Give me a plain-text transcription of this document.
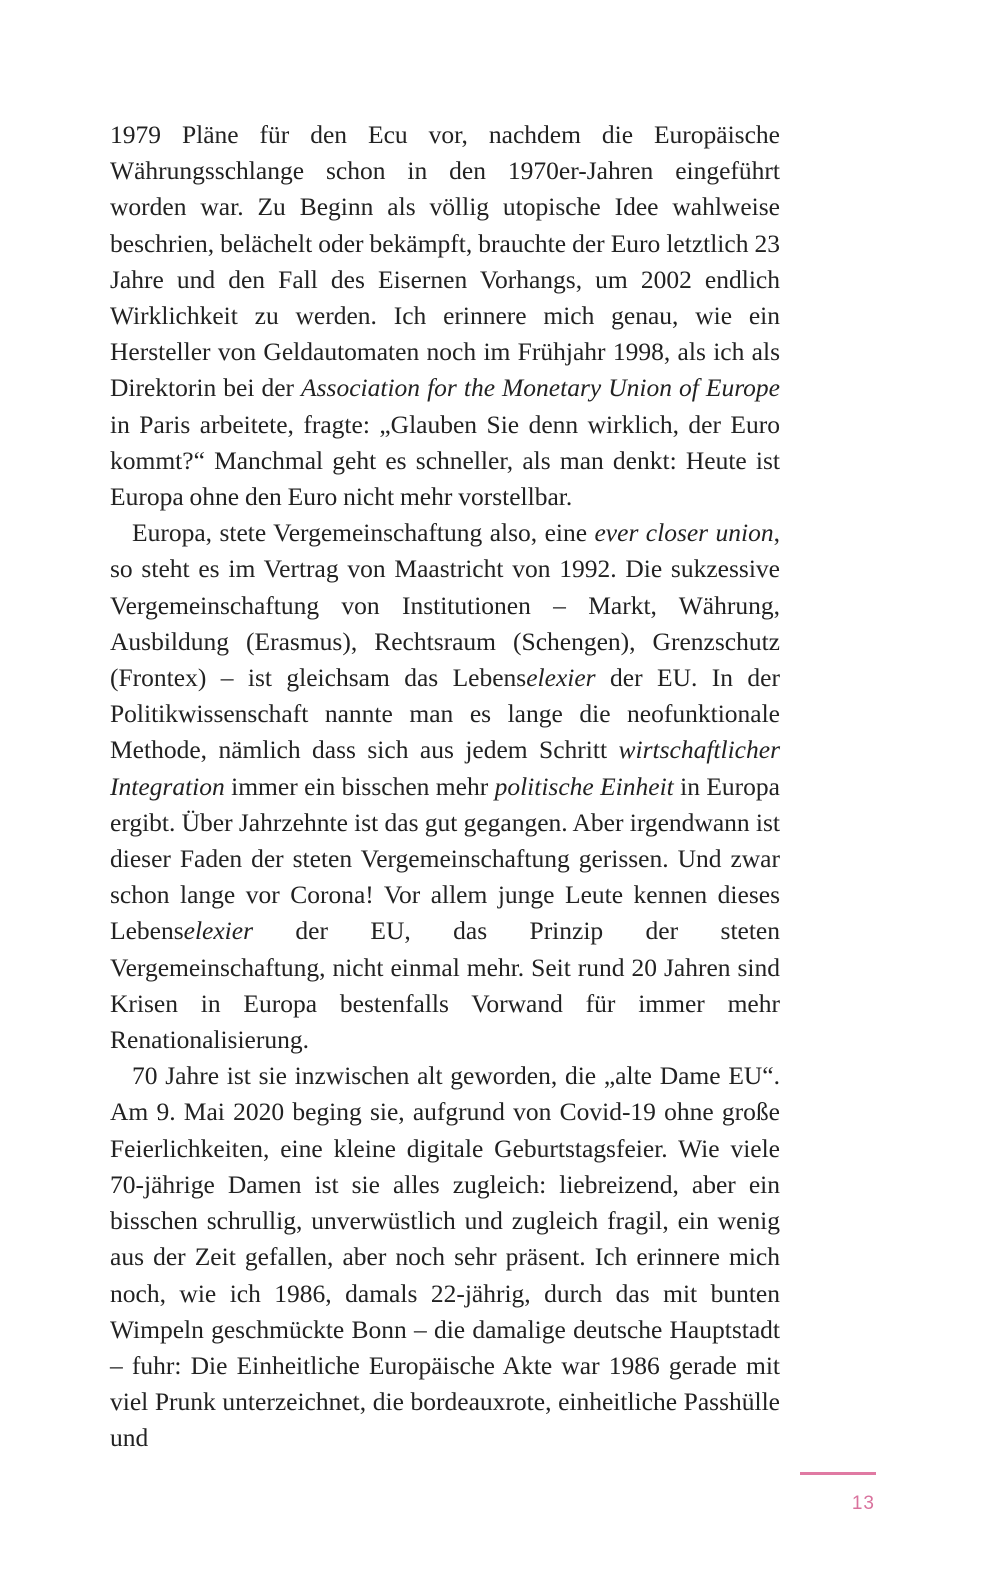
1979 Pläne für den Ecu vor, nachdem die Europäische Währungsschlange schon in den 1970er-Jahren eingeführt worden war. Zu Beginn als völlig utopische Idee wahlweise beschrien, belächelt oder bekämpft, brauchte der Euro letztlich 23 Jahre und den Fall des Eisernen Vorhangs, um 2002 endlich Wirklichkeit zu werden. Ich erinnere mich genau, wie ein Hersteller von Geldautomaten noch im Frühjahr 1998, als ich als Direktorin bei der Association for the Monetary Union of Europe in Paris arbeitete, fragte: „Glauben Sie denn wirklich, der Euro kommt?“ Manchmal geht es schneller, als man denkt: Heute ist Europa ohne den Euro nicht mehr vorstellbar.

Europa, stete Vergemeinschaftung also, eine ever closer union, so steht es im Vertrag von Maastricht von 1992. Die sukzessive Vergemeinschaftung von Institutionen – Markt, Währung, Ausbildung (Erasmus), Rechtsraum (Schengen), Grenzschutz (Frontex) – ist gleichsam das Lebenselexier der EU. In der Politikwissenschaft nannte man es lange die neofunktionale Methode, nämlich dass sich aus jedem Schritt wirtschaftlicher Integration immer ein bisschen mehr politische Einheit in Europa ergibt. Über Jahrzehnte ist das gut gegangen. Aber irgendwann ist dieser Faden der steten Vergemeinschaftung gerissen. Und zwar schon lange vor Corona! Vor allem junge Leute kennen dieses Lebenselexier der EU, das Prinzip der steten Vergemeinschaftung, nicht einmal mehr. Seit rund 20 Jahren sind Krisen in Europa bestenfalls Vorwand für immer mehr Renationalisierung.

70 Jahre ist sie inzwischen alt geworden, die „alte Dame EU“. Am 9. Mai 2020 beging sie, aufgrund von Covid-19 ohne große Feierlichkeiten, eine kleine digitale Geburtstagsfeier. Wie viele 70-jährige Damen ist sie alles zugleich: liebreizend, aber ein bisschen schrullig, unverwüstlich und zugleich fragil, ein wenig aus der Zeit gefallen, aber noch sehr präsent. Ich erinnere mich noch, wie ich 1986, damals 22-jährig, durch das mit bunten Wimpeln geschmückte Bonn – die damalige deutsche Hauptstadt – fuhr: Die Einheitliche Europäische Akte war 1986 gerade mit viel Prunk unterzeichnet, die bordeauxrote, einheitliche Passhülle und

13
